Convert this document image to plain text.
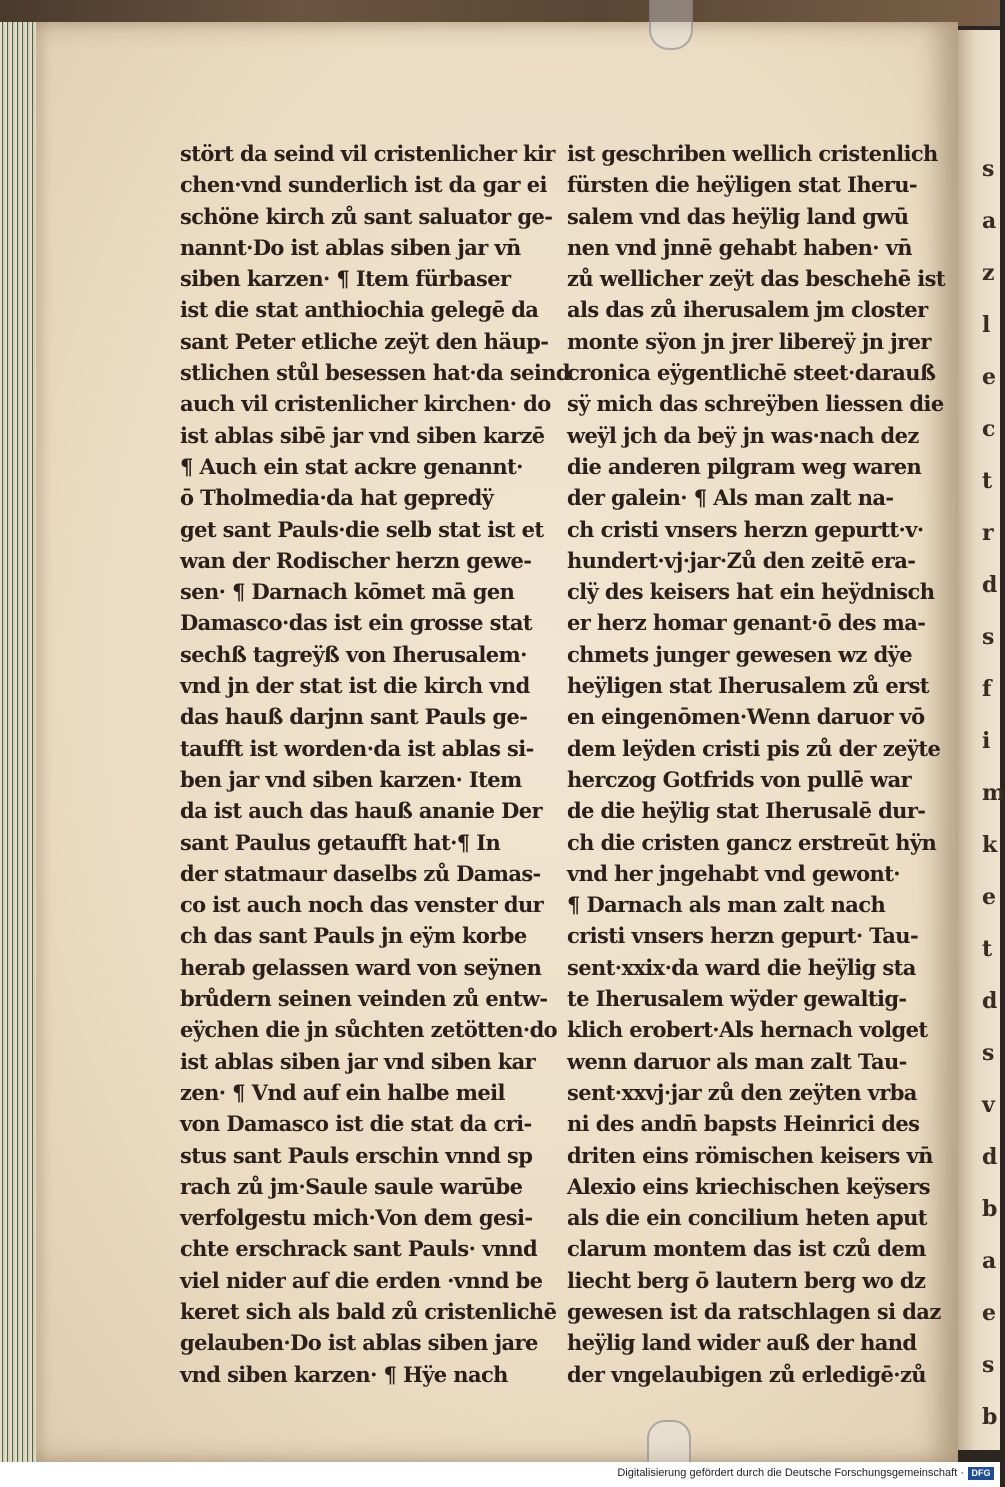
stört da seind vil cristenlicher kir
chen·vnd sunderlich ist da gar ei
schöne kirch zů sant saluator ge-
nannt·Do ist ablas siben jar vn̄
siben karzen· ¶ Item fürbaser
ist die stat anthiochia gelegē da
sant Peter etliche zeÿt den häup-
stlichen stůl besessen hat·da seind
auch vil cristenlicher kirchen· do
ist ablas sibē jar vnd siben karzē
¶ Auch ein stat ackre genannt·
ō Tholmedia·da hat gepredÿ
get sant Pauls·die selb stat ist et
wan der Rodischer herzn gewe-
sen· ¶ Darnach kōmet mā gen
Damasco·das ist ein grosse stat
sechß tagreÿß von Iherusalem·
vnd jn der stat ist die kirch vnd
das hauß darjnn sant Pauls ge-
taufft ist worden·da ist ablas si-
ben jar vnd siben karzen· Item
da ist auch das hauß ananie Der
sant Paulus getaufft hat·¶ In
der statmaur daselbs zů Damas-
co ist auch noch das venster dur
ch das sant Pauls jn eÿm korbe
herab gelassen ward von seÿnen
brůdern seinen veinden zů entw-
eÿchen die jn sůchten zetötten·do
ist ablas siben jar vnd siben kar
zen· ¶ Vnd auf ein halbe meil
von Damasco ist die stat da cri-
stus sant Pauls erschin vnnd sp
rach zů jm·Saule saule warūbe
verfolgestu mich·Von dem gesi-
chte erschrack sant Pauls· vnnd
viel nider auf die erden ·vnnd be
keret sich als bald zů cristenlichē
gelauben·Do ist ablas siben jare
vnd siben karzen· ¶ Hÿe nach
ist geschriben wellich cristenlich
fürsten die heÿligen stat Iheru-
salem vnd das heÿlig land gwū
nen vnd jnnē gehabt haben· vn̄
zů wellicher zeÿt das beschehē ist
als das zů iherusalem jm closter
monte sÿon jn jrer libereÿ jn jrer
cronica eÿgentlichē steet·darauß
sÿ mich das schreÿben liessen die
weÿl jch da beÿ jn was·nach dez
die anderen pilgram weg waren
der galein· ¶ Als man zalt na-
ch cristi vnsers herzn gepurtt·v·
hundert·vj·jar·Zů den zeitē era-
clÿ des keisers hat ein heÿdnisch
er herz homar genant·ō des ma-
chmets junger gewesen wz dÿe
heÿligen stat Iherusalem zů erst
en eingenōmen·Wenn daruor vō
dem leÿden cristi pis zů der zeÿte
herczog Gotfrids von pullē war
de die heÿlig stat Iherusalē dur-
ch die cristen gancz erstreūt hÿn
vnd her jngehabt vnd gewont·
¶ Darnach als man zalt nach
cristi vnsers herzn gepurt· Tau-
sent·xxix·da ward die heÿlig sta
te Iherusalem wÿder gewaltig-
klich erobert·Als hernach volget
wenn daruor als man zalt Tau-
sent·xxvj·jar zů den zeÿten vrba
ni des andn̄ bapsts Heinrici des
driten eins römischen keisers vn̄
Alexio eins kriechischen keÿsers
als die ein concilium heten aput
clarum montem das ist czů dem
liecht berg ō lautern berg wo dz
gewesen ist da ratschlagen si daz
heÿlig land wider auß der hand
der vngelaubigen zů erledigē·zů
s
a
z
l
e
c
t
r
d
s
f
i
m
k
e
t
d
s
v
d
b
a
e
s
b
Digitalisierung gefördert durch die Deutsche Forschungsgemeinschaft · DFG
